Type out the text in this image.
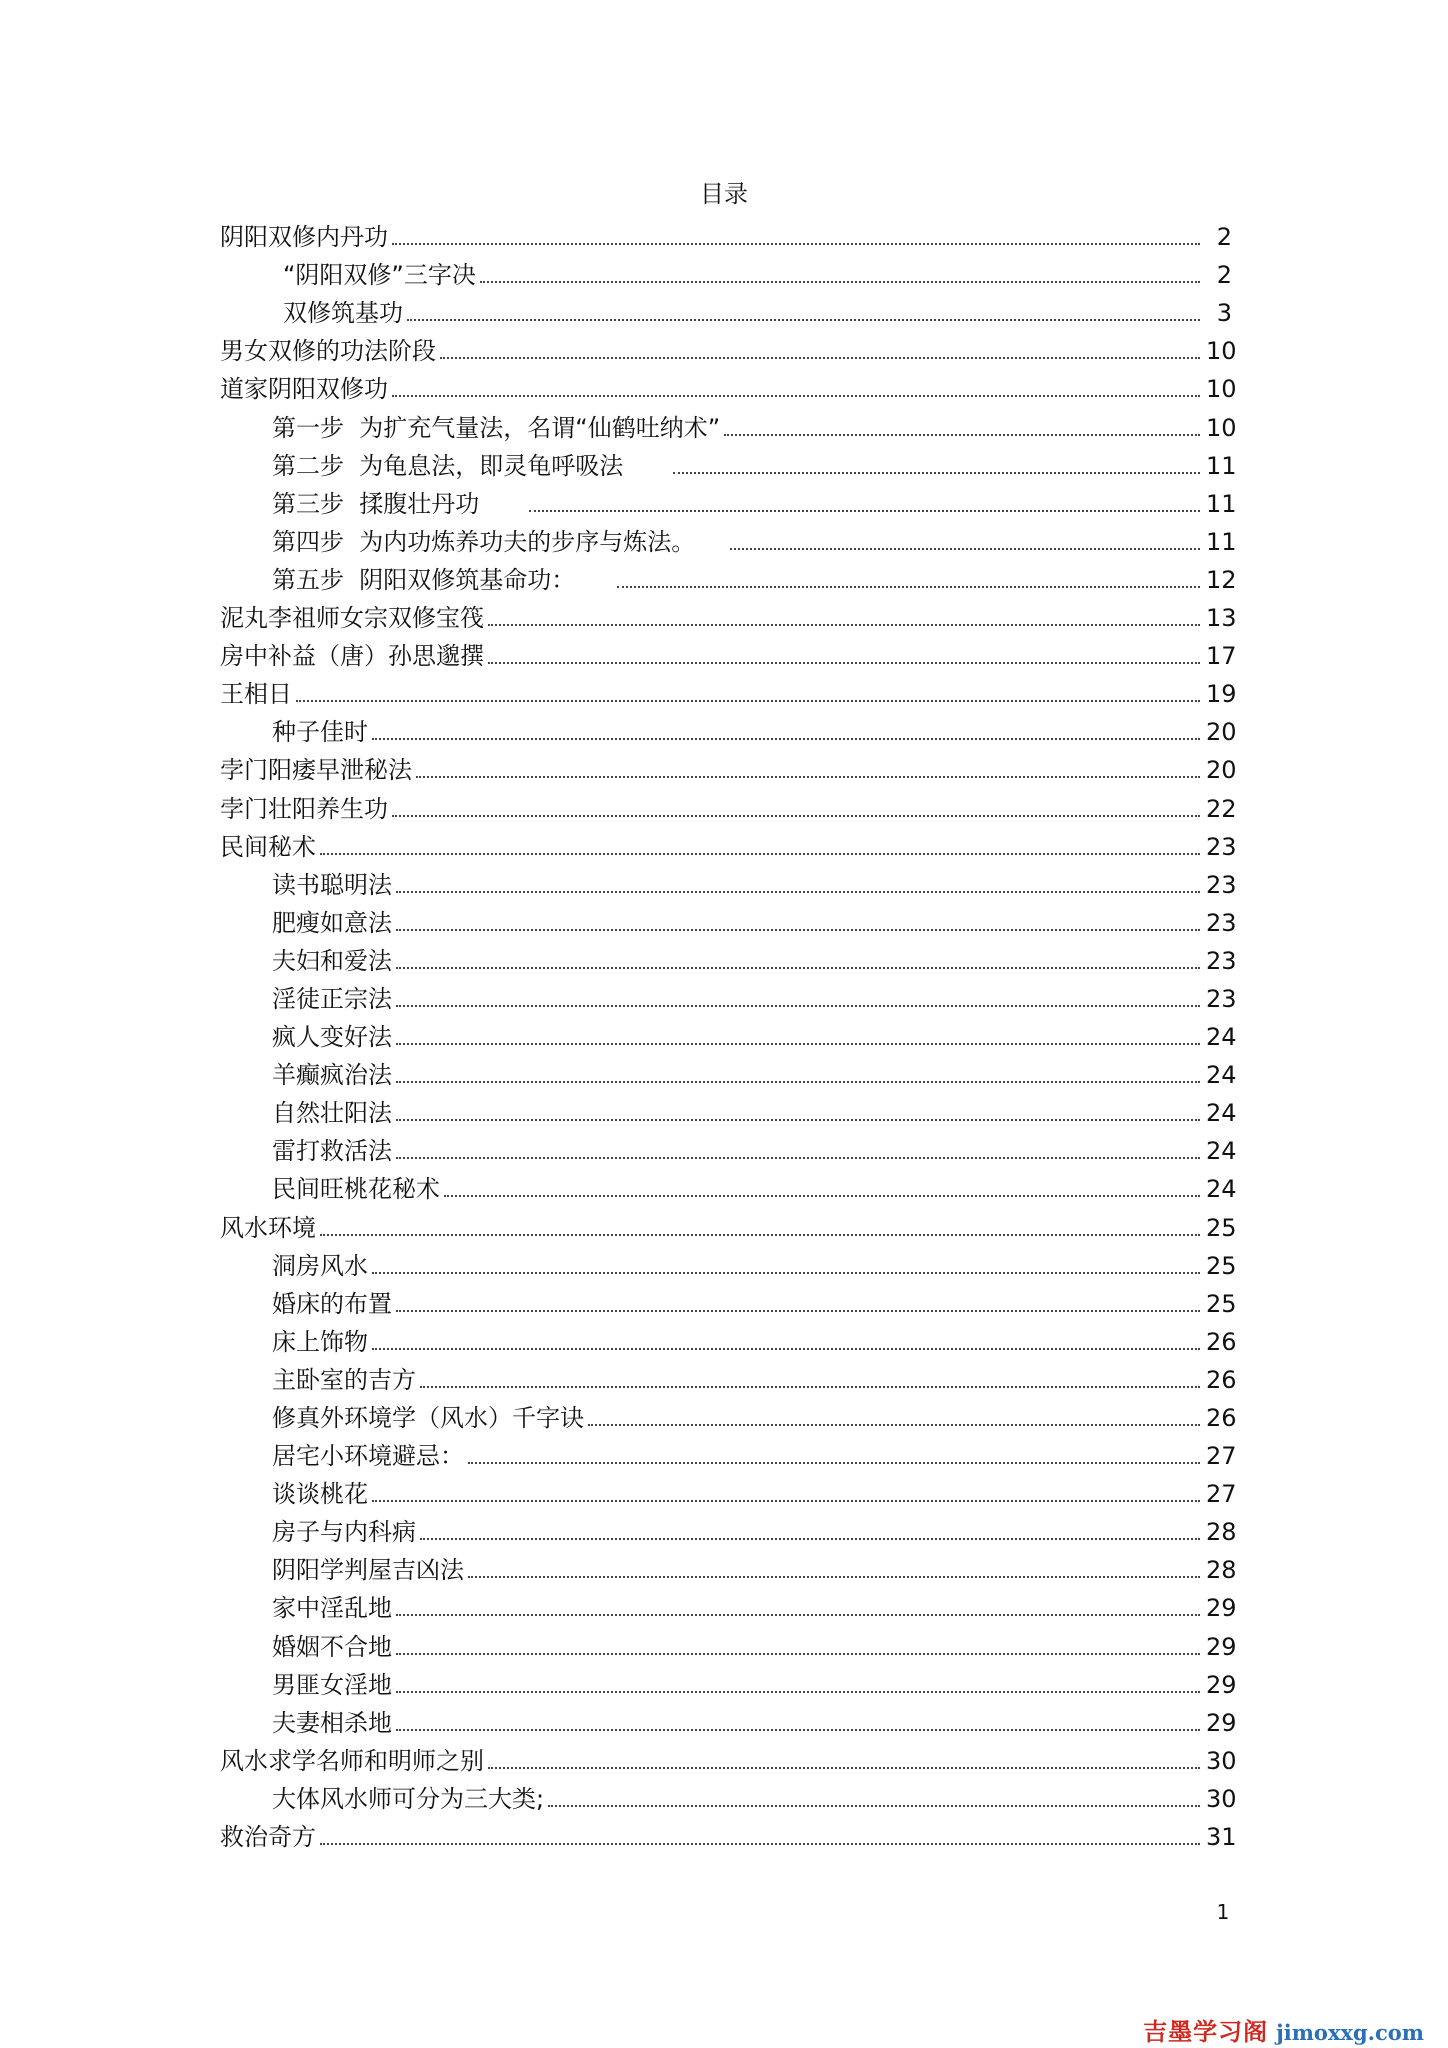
目录
阴阳双修内丹功	2
“阴阳双修”三字决	2
双修筑基功	3
男女双修的功法阶段	10
道家阴阳双修功	10
第一步  为扩充气量法，名谓“仙鹤吐纳术”	10
第二步  为龟息法，即灵龟呼吸法	11
第三步  揉腹壮丹功	11
第四步  为内功炼养功夫的步序与炼法。	11
第五步  阴阳双修筑基命功：	12
泥丸李祖师女宗双修宝筏	13
房中补益（唐）孙思邈撰	17
王相日	19
种子佳时	20
孛门阳痿早泄秘法	20
孛门壮阳养生功	22
民间秘术	23
读书聪明法	23
肥瘦如意法	23
夫妇和爱法	23
淫徒正宗法	23
疯人变好法	24
羊癫疯治法	24
自然壮阳法	24
雷打救活法	24
民间旺桃花秘术	24
风水环境	25
洞房风水	25
婚床的布置	25
床上饰物	26
主卧室的吉方	26
修真外环境学（风水）千字诀	26
居宅小环境避忌：	27
谈谈桃花	27
房子与内科病	28
阴阳学判屋吉凶法	28
家中淫乱地	29
婚姻不合地	29
男匪女淫地	29
夫妻相杀地	29
风水求学名师和明师之别	30
大体风水师可分为三大类;	30
救治奇方	31
1
吉墨学习阁 jimoxxg.com
